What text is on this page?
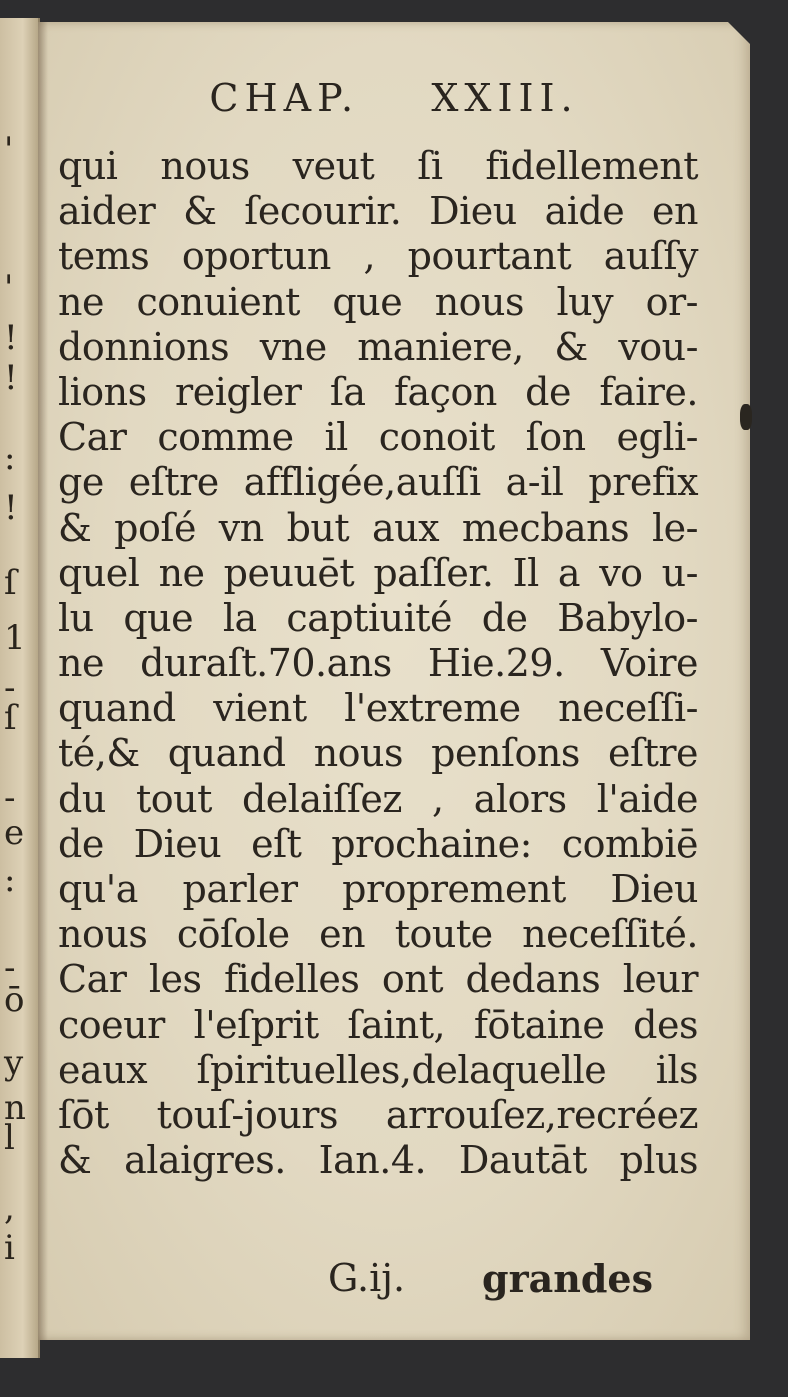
'
!
!
'
:
!
ſ
1
-
ſ
-
e
:
-
ō
y
n
l
,
i
CHAP. XXIII.
qui nous veut ſi fidellement
aider & ſecourir. Dieu aide en
tems oportun , pourtant auſſy
ne conuient que nous luy or-
donnions vne maniere, & vou-
lions reigler ſa façon de faire.
Car comme il conoit ſon egli-
ge eſtre affligée,auſſi a-il prefix
& poſé vn but aux mecbans le-
quel ne peuuēt paſſer. Il a vo u-
lu que la captiuité de Babylo-
ne duraſt.70.ans Hie.29. Voire
quand vient l'extreme neceſſi-
té,& quand nous penſons eſtre
du tout delaiſſez , alors l'aide
de Dieu eſt prochaine: combiē
qu'a parler proprement Dieu
nous cōſole en toute neceſſité.
Car les fidelles ont dedans leur
coeur l'eſprit ſaint, fōtaine des
eaux ſpirituelles,delaquelle ils
ſōt touſ-jours arrouſez,recréez
& alaigres. Ian.4. Dautāt plus
G.ij. grandes
